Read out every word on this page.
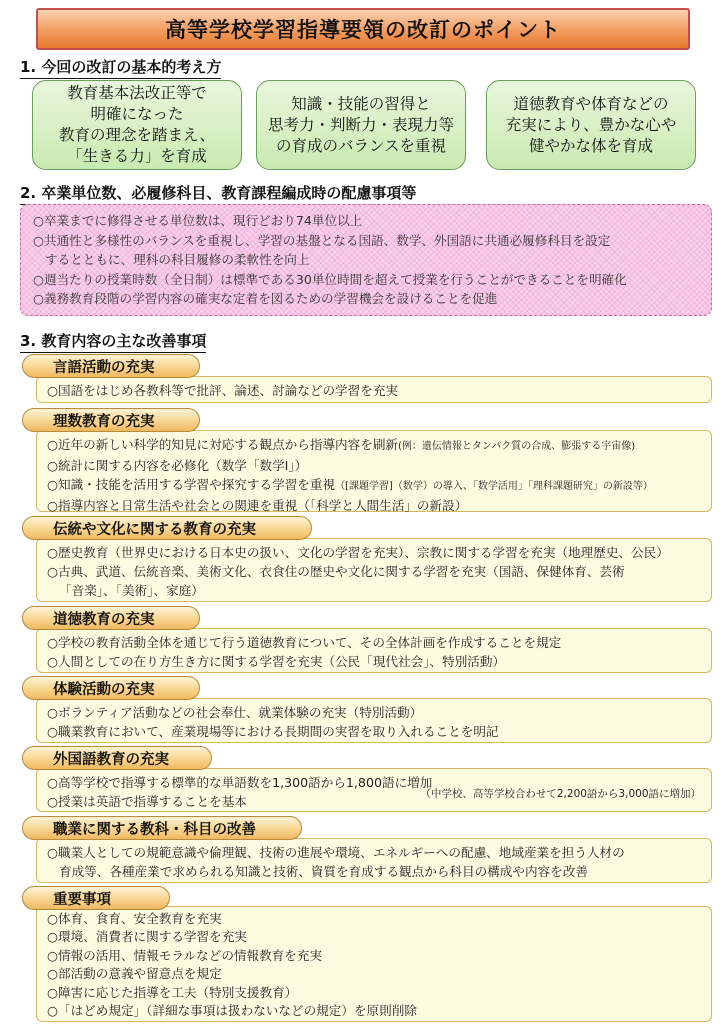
高等学校学習指導要領の改訂のポイント
1. 今回の改訂の基本的考え方
教育基本法改正等で
明確になった
教育の理念を踏まえ、
「生きる力」を育成
知識・技能の習得と
思考力・判断力・表現力等
の育成のバランスを重視
道徳教育や体育などの
充実により、豊かな心や
健やかな体を育成
2. 卒業単位数、必履修科目、教育課程編成時の配慮事項等
○卒業までに修得させる単位数は、現行どおり74単位以上
○共通性と多様性のバランスを重視し、学習の基盤となる国語、数学、外国語に共通必履修科目を設定
するとともに、理科の科目履修の柔軟性を向上
○週当たりの授業時数（全日制）は標準である30単位時間を超えて授業を行うことができることを明確化
○義務教育段階の学習内容の確実な定着を図るための学習機会を設けることを促進
3. 教育内容の主な改善事項
言語活動の充実
○国語をはじめ各教科等で批評、論述、討論などの学習を充実
理数教育の充実
○近年の新しい科学的知見に対応する観点から指導内容を刷新(例：遺伝情報とタンパク質の合成、膨張する宇宙像)
○統計に関する内容を必修化（数学「数学Ⅰ」）
○知識・技能を活用する学習や探究する学習を重視（[課題学習]（数学）の導入、「数学活用」「理科課題研究」の新設等）
○指導内容と日常生活や社会との関連を重視（「科学と人間生活」の新設）
伝統や文化に関する教育の充実
○歴史教育（世界史における日本史の扱い、文化の学習を充実）、宗教に関する学習を充実（地理歴史、公民）
○古典、武道、伝統音楽、美術文化、衣食住の歴史や文化に関する学習を充実（国語、保健体育、芸術
「音楽」、「美術」、家庭）
道徳教育の充実
○学校の教育活動全体を通じて行う道徳教育について、その全体計画を作成することを規定
○人間としての在り方生き方に関する学習を充実（公民「現代社会」、特別活動）
体験活動の充実
○ボランティア活動などの社会奉仕、就業体験の充実（特別活動）
○職業教育において、産業現場等における長期間の実習を取り入れることを明記
外国語教育の充実
○高等学校で指導する標準的な単語数を1,300語から1,800語に増加
○授業は英語で指導することを基本	（中学校、高等学校合わせて2,200語から3,000語に増加）
職業に関する教科・科目の改善
○職業人としての規範意識や倫理観、技術の進展や環境、エネルギーへの配慮、地域産業を担う人材の
育成等、各種産業で求められる知識と技術、資質を育成する観点から科目の構成や内容を改善
重要事項
○体育、食育、安全教育を充実
○環境、消費者に関する学習を充実
○情報の活用、情報モラルなどの情報教育を充実
○部活動の意義や留意点を規定
○障害に応じた指導を工夫（特別支援教育）
○「はどめ規定」（詳細な事項は扱わないなどの規定）を原則削除
